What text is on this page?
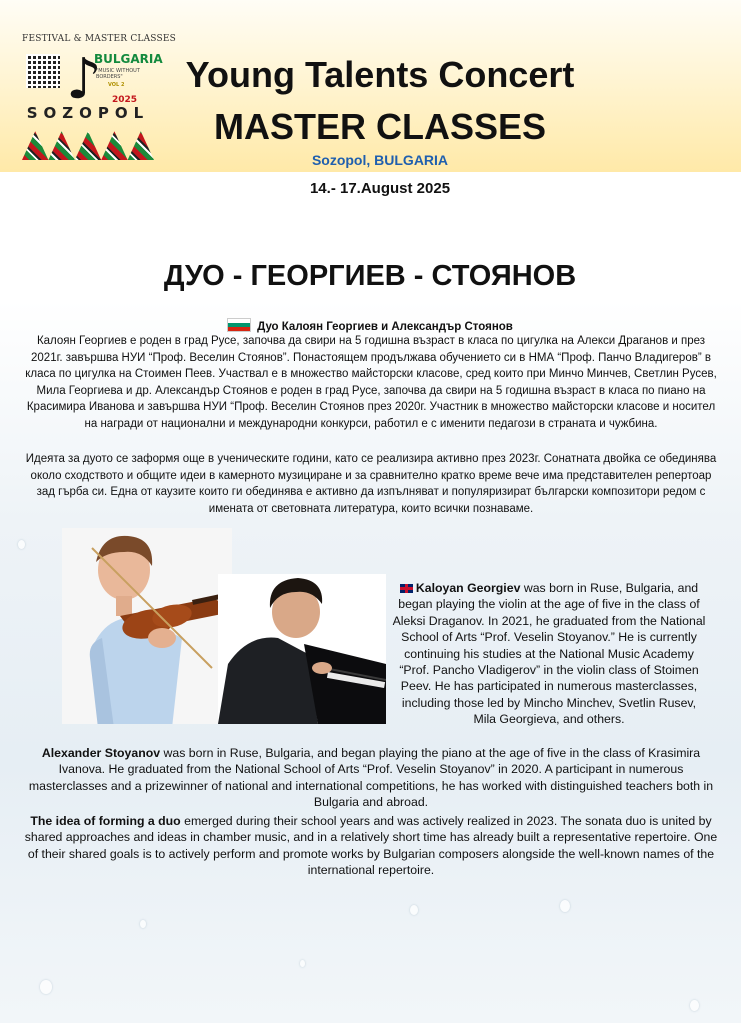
FESTIVAL & MASTER CLASSES
♪
BULGARIA
"MUSIC WITHOUT BORDERS"
VOL 2
2025
SOZOPOL
Young Talents Concert
MASTER CLASSES
Sozopol, BULGARIA
14.- 17.August 2025
ДУО - ГЕОРГИЕВ - СТОЯНОВ
Дуо Калоян Георгиев и Александър Стоянов
Калоян Георгиев е роден в град Русе, започва да свири на 5 годишна възраст в класа по цигулка на Алекси Драганов и през 2021г. завършва НУИ “Проф. Веселин Стоянов”. Понастоящем продължава обучението си в НМА “Проф. Панчо Владигеров” в класа по цигулка на Стоимен Пеев. Участвал е в множество майсторски класове, сред които при Минчо Минчев, Светлин Русев, Мила Георгиева и др. Александър Стоянов е роден в град Русе, започва да свири на 5 годишна възраст в класа по пиано на Красимира Иванова и завършва НУИ “Проф. Веселин Стоянов през 2020г. Участник в множество майсторски класове и носител на награди от национални и международни конкурси, работил е с именити педагози в страната и чужбина.
Идеята за дуото се заформя още в ученическите години, като се реализира активно през 2023г. Сонатната двойка се обединява около сходството и общите идеи в камерното музициране и за сравнително кратко време вече има представителен репертоар зад гърба си. Една от каузите които ги обединява е активно да изпълняват и популяризират български композитори редом с имената от световната литература, които всички познаваме.
Kaloyan Georgiev was born in Ruse, Bulgaria, and began playing the violin at the age of five in the class of Aleksi Draganov. In 2021, he graduated from the National School of Arts “Prof. Veselin Stoyanov.” He is currently continuing his studies at the National Music Academy “Prof. Pancho Vladigerov” in the violin class of Stoimen Peev. He has participated in numerous masterclasses, including those led by Mincho Minchev, Svetlin Rusev, Mila Georgieva, and others.
Alexander Stoyanov was born in Ruse, Bulgaria, and began playing the piano at the age of five in the class of Krasimira Ivanova. He graduated from the National School of Arts “Prof. Veselin Stoyanov” in 2020. A participant in numerous masterclasses and a prizewinner of national and international competitions, he has worked with distinguished teachers both in Bulgaria and abroad.
The idea of forming a duo emerged during their school years and was actively realized in 2023. The sonata duo is united by shared approaches and ideas in chamber music, and in a relatively short time has already built a representative repertoire. One of their shared goals is to actively perform and promote works by Bulgarian composers alongside the well-known names of the international repertoire.
